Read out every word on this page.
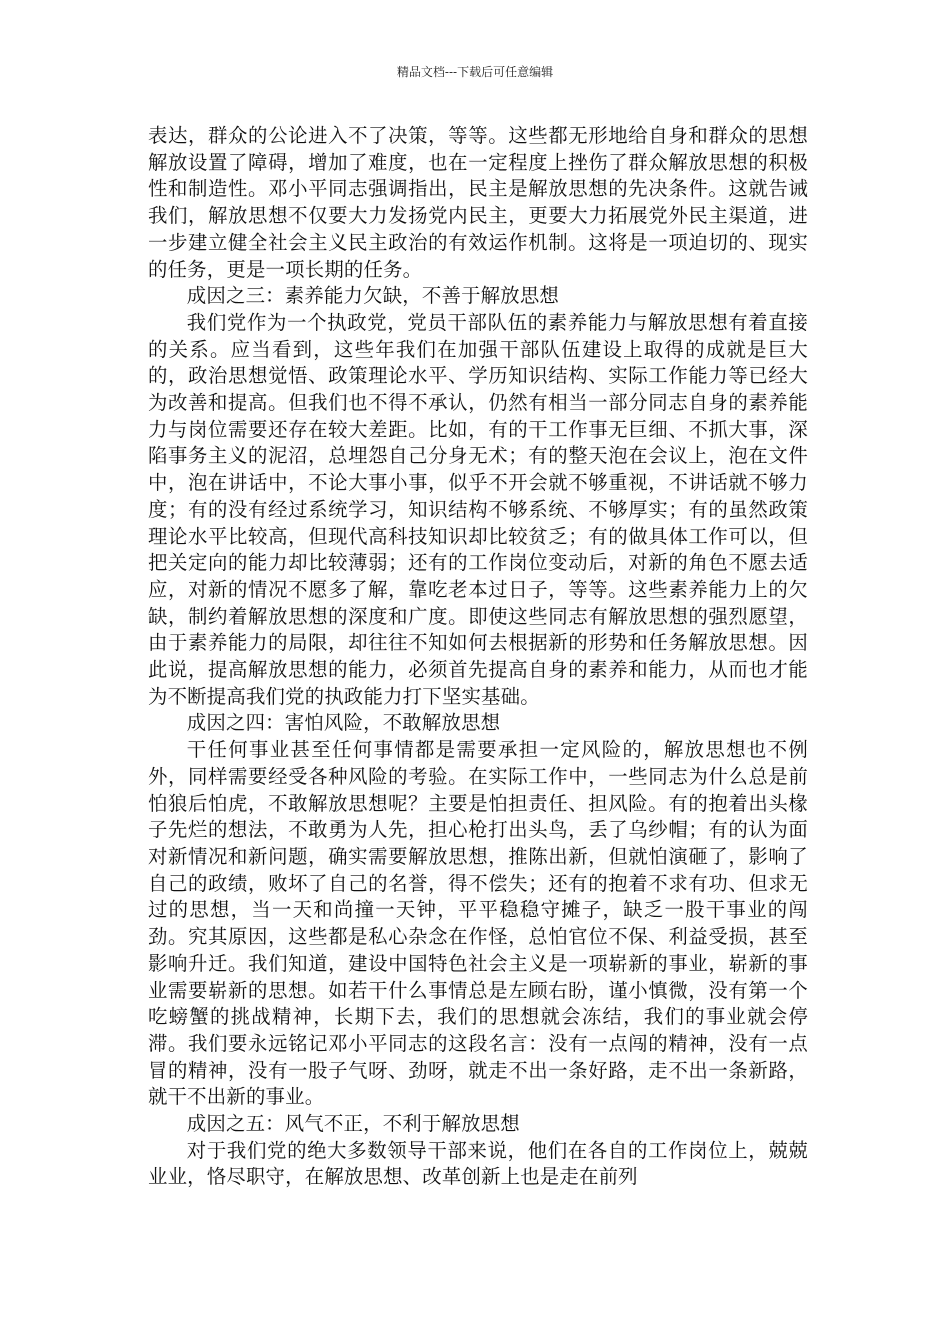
精品文档---下载后可任意编辑

表达，群众的公论进入不了决策，等等。这些都无形地给自身和群众的思想解放设置了障碍，增加了难度，也在一定程度上挫伤了群众解放思想的积极性和制造性。邓小平同志强调指出，民主是解放思想的先决条件。这就告诫我们，解放思想不仅要大力发扬党内民主，更要大力拓展党外民主渠道，进一步建立健全社会主义民主政治的有效运作机制。这将是一项迫切的、现实的任务，更是一项长期的任务。

成因之三：素养能力欠缺，不善于解放思想

我们党作为一个执政党，党员干部队伍的素养能力与解放思想有着直接的关系。应当看到，这些年我们在加强干部队伍建设上取得的成就是巨大的，政治思想觉悟、政策理论水平、学历知识结构、实际工作能力等已经大为改善和提高。但我们也不得不承认，仍然有相当一部分同志自身的素养能力与岗位需要还存在较大差距。比如，有的干工作事无巨细、不抓大事，深陷事务主义的泥沼，总埋怨自己分身无术；有的整天泡在会议上，泡在文件中，泡在讲话中，不论大事小事，似乎不开会就不够重视，不讲话就不够力度；有的没有经过系统学习，知识结构不够系统、不够厚实；有的虽然政策理论水平比较高，但现代高科技知识却比较贫乏；有的做具体工作可以，但把关定向的能力却比较薄弱；还有的工作岗位变动后，对新的角色不愿去适应，对新的情况不愿多了解，靠吃老本过日子，等等。这些素养能力上的欠缺，制约着解放思想的深度和广度。即使这些同志有解放思想的强烈愿望，由于素养能力的局限，却往往不知如何去根据新的形势和任务解放思想。因此说，提高解放思想的能力，必须首先提高自身的素养和能力，从而也才能为不断提高我们党的执政能力打下坚实基础。

成因之四：害怕风险，不敢解放思想

干任何事业甚至任何事情都是需要承担一定风险的，解放思想也不例外，同样需要经受各种风险的考验。在实际工作中，一些同志为什么总是前怕狼后怕虎，不敢解放思想呢？主要是怕担责任、担风险。有的抱着出头椽子先烂的想法，不敢勇为人先，担心枪打出头鸟，丢了乌纱帽；有的认为面对新情况和新问题，确实需要解放思想，推陈出新，但就怕演砸了，影响了自己的政绩，败坏了自己的名誉，得不偿失；还有的抱着不求有功、但求无过的思想，当一天和尚撞一天钟，平平稳稳守摊子，缺乏一股干事业的闯劲。究其原因，这些都是私心杂念在作怪，总怕官位不保、利益受损，甚至影响升迁。我们知道，建设中国特色社会主义是一项崭新的事业，崭新的事业需要崭新的思想。如若干什么事情总是左顾右盼，谨小慎微，没有第一个吃螃蟹的挑战精神，长期下去，我们的思想就会冻结，我们的事业就会停滞。我们要永远铭记邓小平同志的这段名言：没有一点闯的精神，没有一点冒的精神，没有一股子气呀、劲呀，就走不出一条好路，走不出一条新路，就干不出新的事业。

成因之五：风气不正，不利于解放思想

对于我们党的绝大多数领导干部来说，他们在各自的工作岗位上，兢兢业业，恪尽职守，在解放思想、改革创新上也是走在前列
